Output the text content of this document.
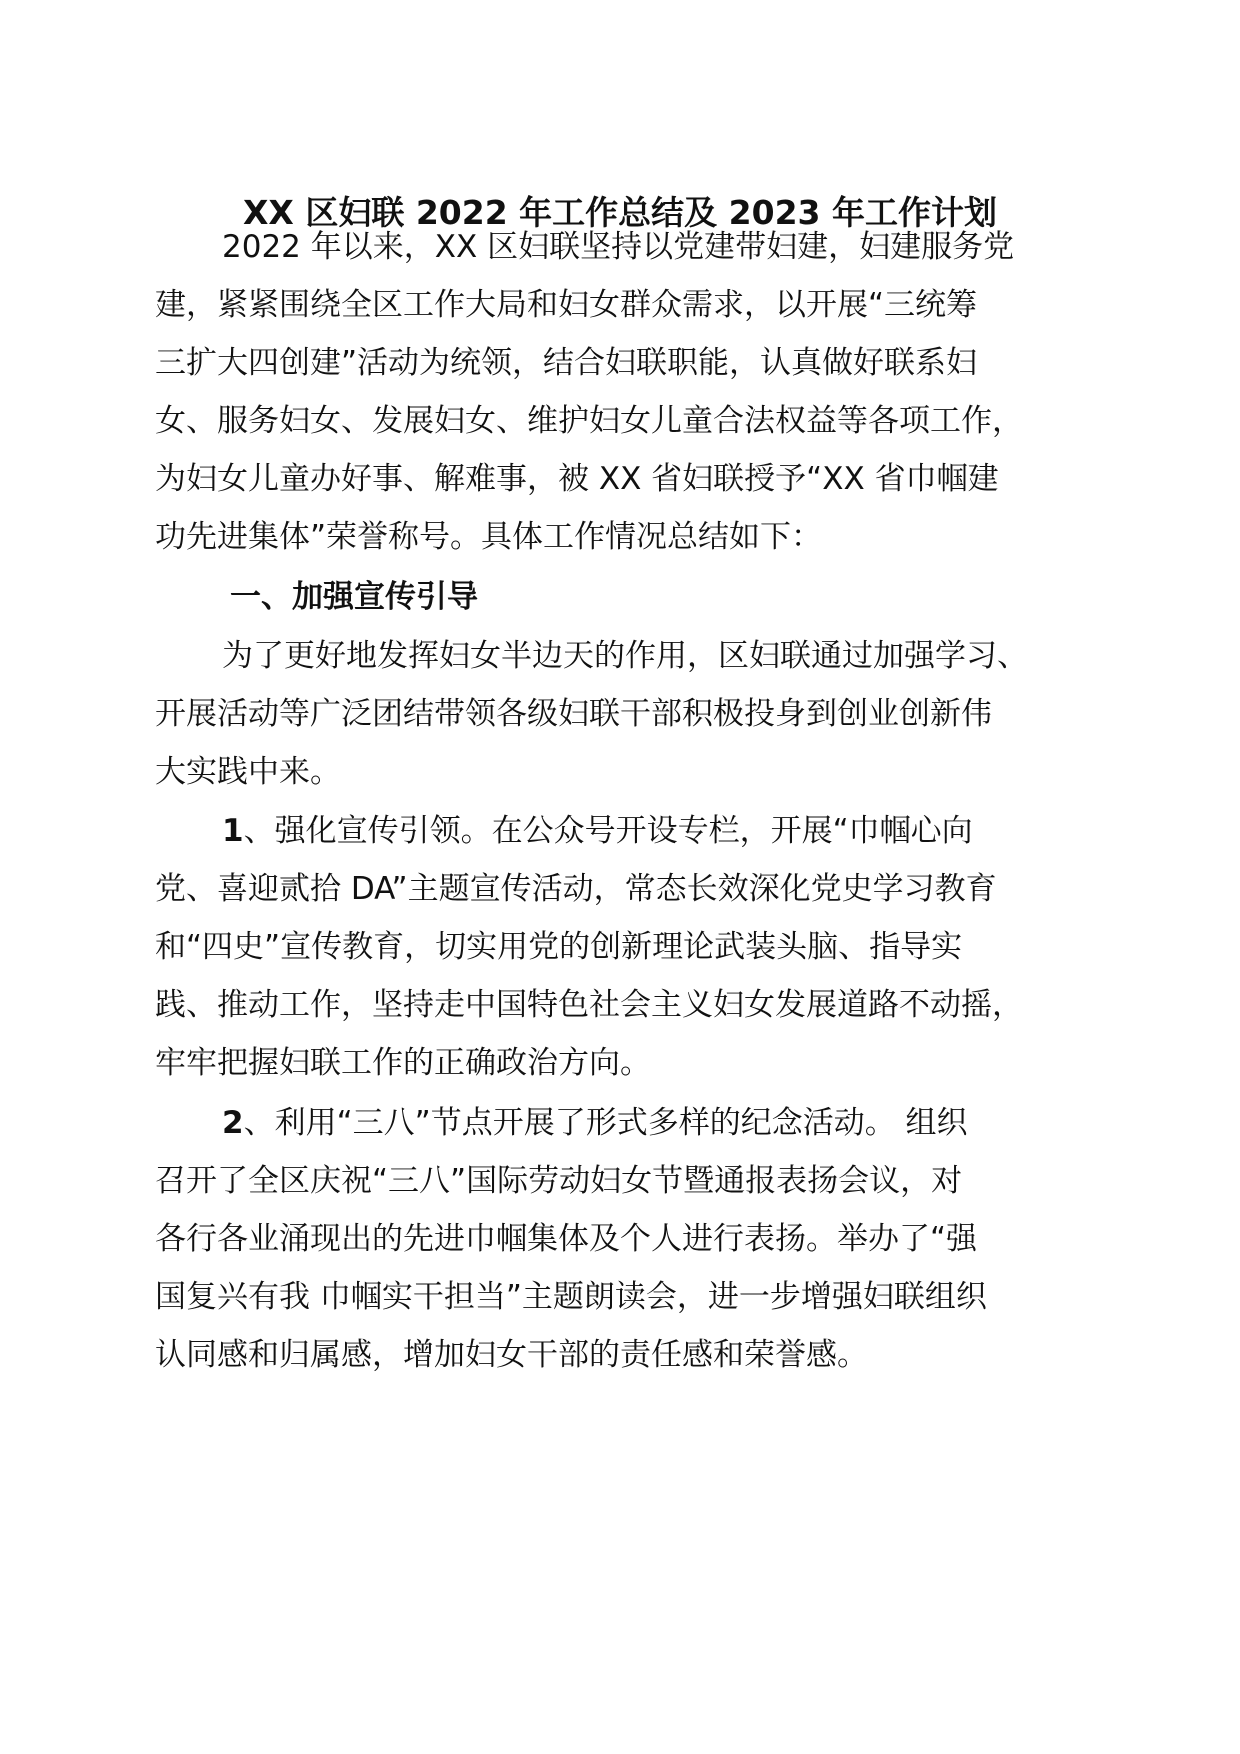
XX 区妇联 2022 年工作总结及 2023 年工作计划

2022 年以来，XX 区妇联坚持以党建带妇建，妇建服务党

建，紧紧围绕全区工作大局和妇女群众需求，以开展“三统筹

三扩大四创建”活动为统领，结合妇联职能，认真做好联系妇

女、服务妇女、发展妇女、维护妇女儿童合法权益等各项工作，

为妇女儿童办好事、解难事，被 XX 省妇联授予“XX 省巾帼建

功先进集体”荣誉称号。具体工作情况总结如下：

一、加强宣传引导

为了更好地发挥妇女半边天的作用，区妇联通过加强学习、

开展活动等广泛团结带领各级妇联干部积极投身到创业创新伟

大实践中来。

1、强化宣传引领。在公众号开设专栏，开展“巾帼心向

党、喜迎贰拾 DA”主题宣传活动，常态长效深化党史学习教育

和“四史”宣传教育，切实用党的创新理论武装头脑、指导实

践、推动工作，坚持走中国特色社会主义妇女发展道路不动摇，

牢牢把握妇联工作的正确政治方向。

2、利用“三八”节点开展了形式多样的纪念活动。 组织

召开了全区庆祝“三八”国际劳动妇女节暨通报表扬会议，对

各行各业涌现出的先进巾帼集体及个人进行表扬。举办了“强

国复兴有我 巾帼实干担当”主题朗读会，进一步增强妇联组织

认同感和归属感，增加妇女干部的责任感和荣誉感。
